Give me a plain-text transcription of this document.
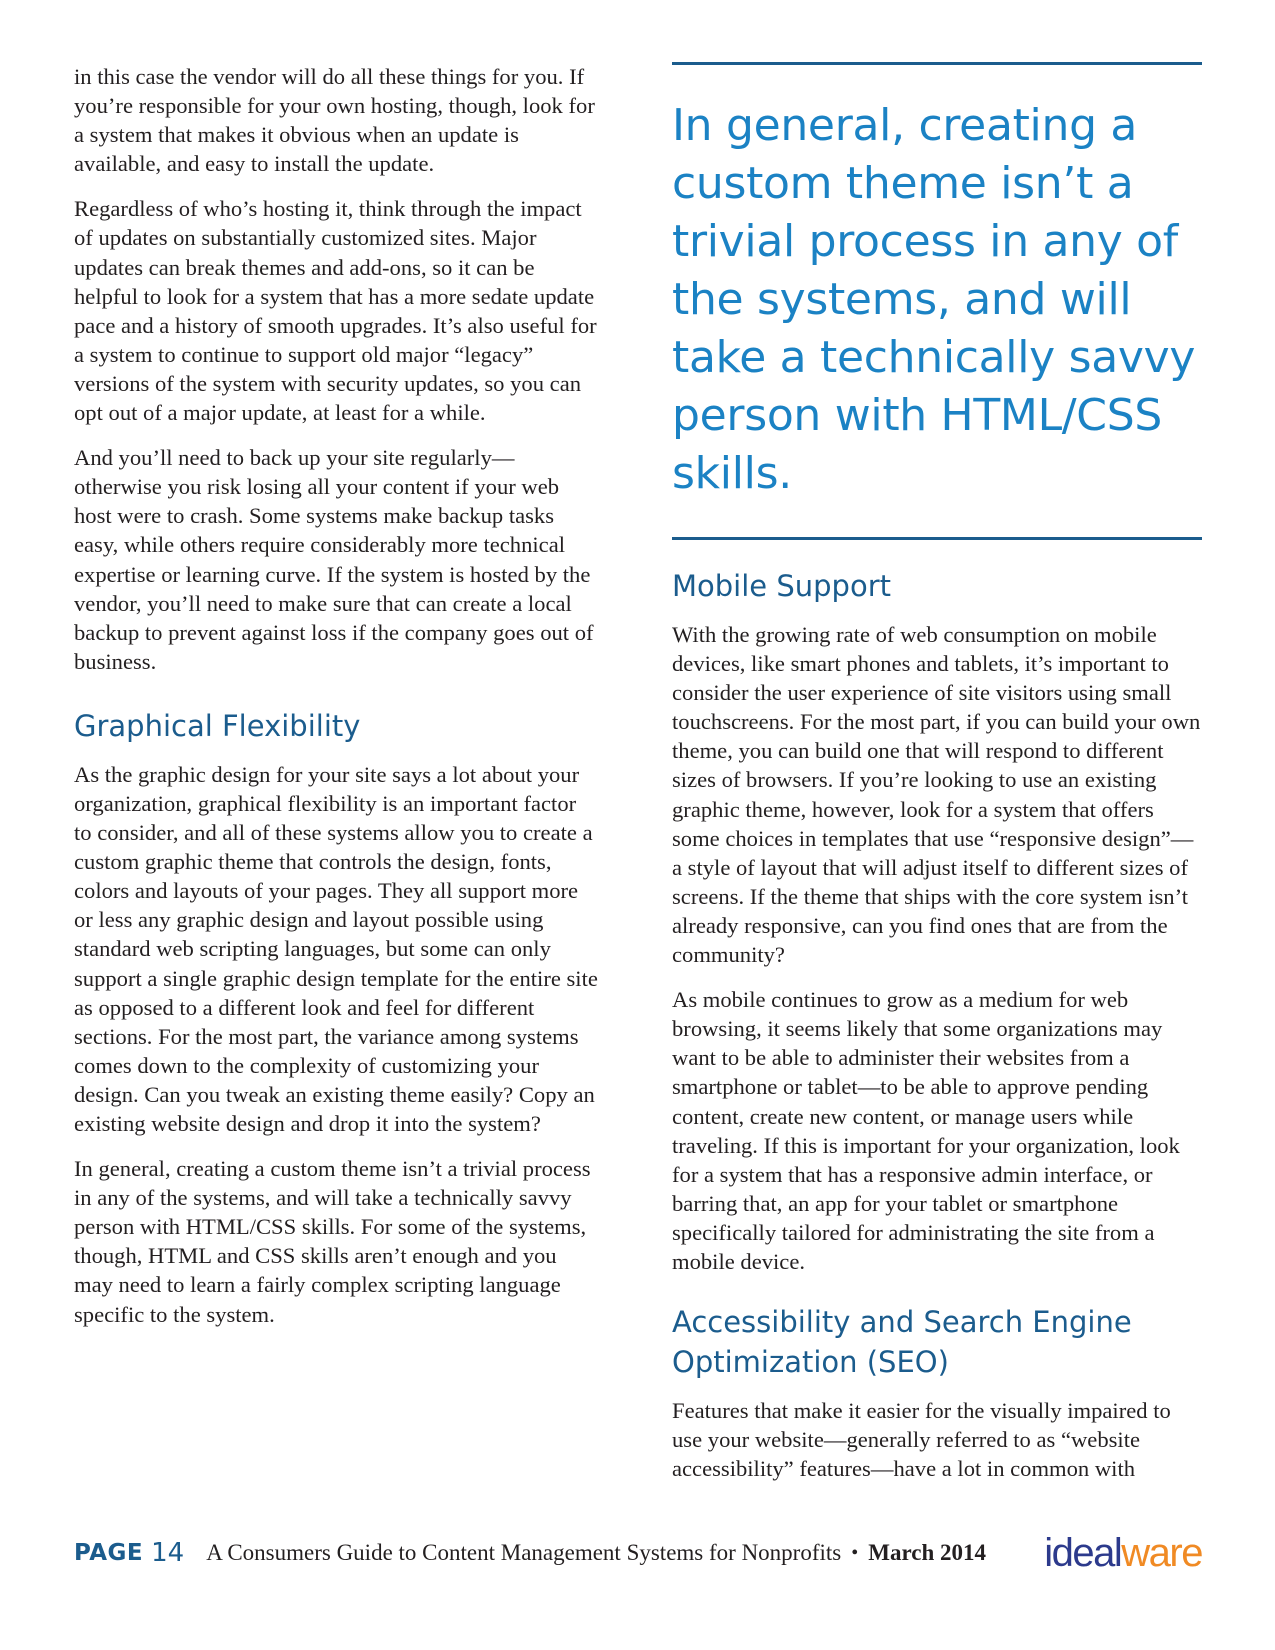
in this case the vendor will do all these things for you. If you’re responsible for your own hosting, though, look for a system that makes it obvious when an update is available, and easy to install the update.

Regardless of who’s hosting it, think through the impact of updates on substantially customized sites. Major updates can break themes and add-ons, so it can be helpful to look for a system that has a more sedate update pace and a history of smooth upgrades. It’s also useful for a system to continue to support old major “legacy” versions of the system with security updates, so you can opt out of a major update, at least for a while.

And you’ll need to back up your site regularly—otherwise you risk losing all your content if your web host were to crash. Some systems make backup tasks easy, while others require considerably more technical expertise or learning curve. If the system is hosted by the vendor, you’ll need to make sure that can create a local backup to prevent against loss if the company goes out of business.

Graphical Flexibility

As the graphic design for your site says a lot about your organization, graphical flexibility is an important factor to consider, and all of these systems allow you to create a custom graphic theme that controls the design, fonts, colors and layouts of your pages. They all support more or less any graphic design and layout possible using standard web scripting languages, but some can only support a single graphic design template for the entire site as opposed to a different look and feel for different sections. For the most part, the variance among systems comes down to the complexity of customizing your design. Can you tweak an existing theme easily? Copy an existing website design and drop it into the system?

In general, creating a custom theme isn’t a trivial process in any of the systems, and will take a technically savvy person with HTML/CSS skills. For some of the systems, though, HTML and CSS skills aren’t enough and you may need to learn a fairly complex scripting language specific to the system.

In general, creating a custom theme isn’t a trivial process in any of the systems, and will take a technically savvy person with HTML/CSS skills.

Mobile Support

With the growing rate of web consumption on mobile devices, like smart phones and tablets, it’s important to consider the user experience of site visitors using small touchscreens. For the most part, if you can build your own theme, you can build one that will respond to different sizes of browsers. If you’re looking to use an existing graphic theme, however, look for a system that offers some choices in templates that use “responsive design”—a style of layout that will adjust itself to different sizes of screens. If the theme that ships with the core system isn’t already responsive, can you find ones that are from the community?

As mobile continues to grow as a medium for web browsing, it seems likely that some organizations may want to be able to administer their websites from a smartphone or tablet—to be able to approve pending content, create new content, or manage users while traveling. If this is important for your organization, look for a system that has a responsive admin interface, or barring that, an app for your tablet or smartphone specifically tailored for administrating the site from a mobile device.

Accessibility and Search Engine Optimization (SEO)

Features that make it easier for the visually impaired to use your website—generally referred to as “website accessibility” features—have a lot in common with

PAGE 14 A Consumers Guide to Content Management Systems for Nonprofits • March 2014 idealware
